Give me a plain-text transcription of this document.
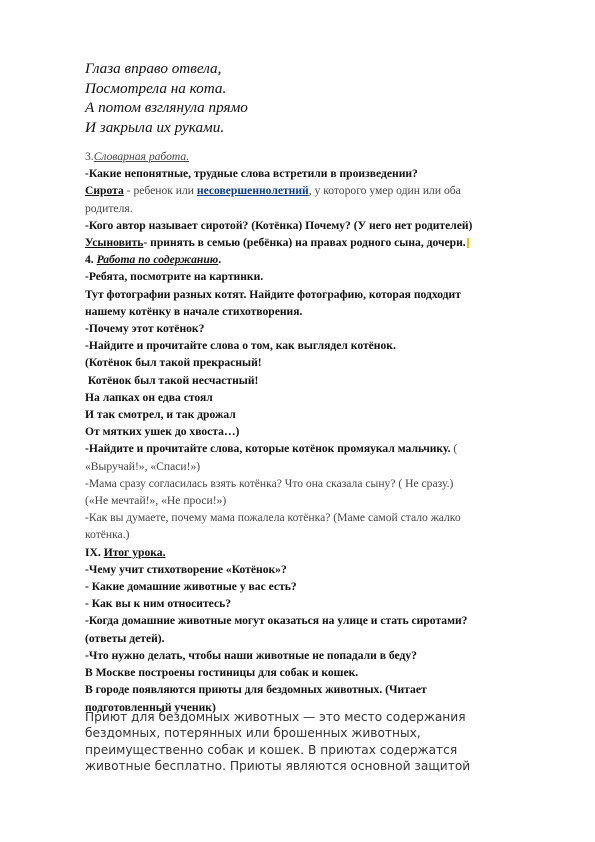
Глаза вправо отвела,
Посмотрела на кота.
А потом взглянула прямо
И закрыла их руками.
3.Словарная работа.
-Какие непонятные, трудные слова встретили в произведении?
Сирота - ребенок или несовершеннолетний, у которого умер один или оба
родителя.
-Кого автор называет сиротой? (Котёнка) Почему? (У него нет родителей)
Усыновить- принять в семью (ребёнка) на правах родного сына, дочери.
4. Работа по содержанию.
-Ребята, посмотрите на картинки.
Тут фотографии разных котят. Найдите фотографию, которая подходит
нашему котёнку в начале стихотворения.
-Почему этот котёнок?
-Найдите и прочитайте слова о том, как выглядел котёнок.
(Котёнок был такой прекрасный!
Котёнок был такой несчастный!
На лапках он едва стоял
И так смотрел, и так дрожал
От мятких ушек до хвоста…)
-Найдите и прочитайте слова, которые котёнок промяукал мальчику. (
«Выручай!», «Спаси!»)
-Мама сразу согласилась взять котёнка? Что она сказала сыну? ( Не сразу.)
(«Не мечтай!», «Не проси!»)
-Как вы думаете, почему мама пожалела котёнка? (Маме самой стало жалко
котёнка.)
IX. Итог урока.
-Чему учит стихотворение «Котёнок»?
- Какие домашние животные у вас есть?
- Как вы к ним относитесь?
-Когда домашние животные могут оказаться на улице и стать сиротами?
(ответы детей).
-Что нужно делать, чтобы наши животные не попадали в беду?
В Москве построены гостиницы для собак и кошек.
В городе появляются приюты для бездомных животных. (Читает
подготовленный ученик)
Приют для бездомных животных — это место содержания
бездомных, потерянных или брошенных животных,
преимущественно собак и кошек. В приютах содержатся
животные бесплатно. Приюты являются основной защитой
